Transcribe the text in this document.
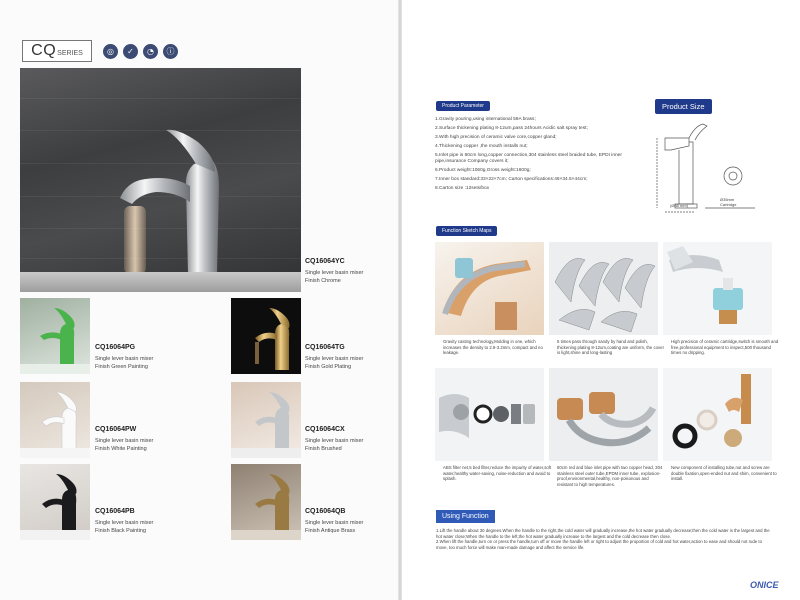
CQ SERIES	◎	✓	◔	ⓘ
CQ16064YC
Single lever basin mixer
Finish Chrome
CQ16064PG
Single lever basin mixer
Finish Green Painting
CQ16064TG
Single lever basin mixer
Finish Gold Plating
CQ16064PW
Single lever basin mixer
Finish White Painting
CQ16064CX
Single lever basin mixer
Finish Brushed
CQ16064PB
Single lever basin mixer
Finish Black Painting
CQ16064QB
Single lever basin mixer
Finish Antique Brass
Product Parameter	Product Size
1.Gravity pouring,using international 59A brass;
2.Surface thickening plating 8-12um,pass 24hours Acidic salt spray test;
3.With high precision of ceramic valve core,copper gland;
4.Thickening copper ,the mouth installs nut;
5.Inlet pipe is 60cm long,copper connection,304 stainless steel braided tube, EPDI inner pipe,insurance Company covers it;
6.Product weight:1060g,Gross weight:1600g;
7.Inner box standard:33×22×7cm; Carton specifications:46×34.5×44cm;
8.Carton size :12sets/box
(Ø35 mm)
Ø35mm
Cartridge
Function Sketch Maps
Gravity casting technology,Molding in one, which increases the density to 2.9-3.2mm, compact and no leakage.
5 times pass through sandy by hand and polish, thickening plating 8-12um,coating are uniform, the cover is light,shine and long-lasting
High precision of ceramic cartridge,switch is smooth and free,professional equipment to inspect,500 thousand times no dripping.
ABS filter net,5 bed filter,reduce the impurity of water,soft water,healthy water-saving, noise-reduction and avoid to splash.
60cm red and blue inlet pipe with two copper head, 304 stainless steel outer tube,EPDM inner tube, explosion-proof,environmental,healthy, non-poisonous and resistant to high temperatures.
New component of installing tube,nut and screw are double fixation,open-ended nut and shim, convenient to install.
Using Function

1.Lift the handle about 30 degrees.When the handle to the right,the cold water will gradually increase,the hot water gradually decrease;then the cold water is the largest and the hot water close;When the handle to the left,the hot water gradually increase to the largest and the cold decrease then close.

2.When lift the handle,turn on or press the handle,turn off or move the handle left or right to adjust the proportion of cold and hot water,action to ease and should not rude to move, too much force will make man-made damage and affect the service life.

ONICE
